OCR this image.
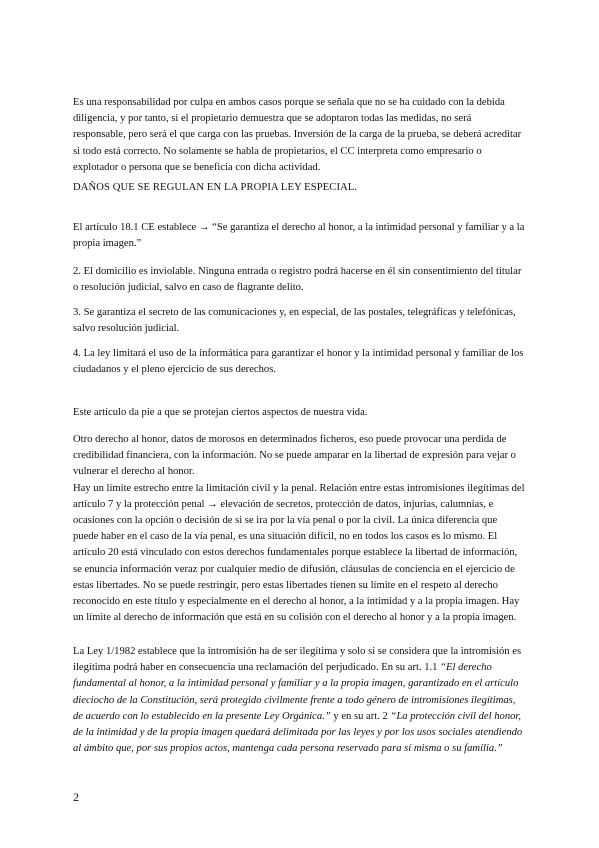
Es una responsabilidad por culpa en ambos casos porque se señala que no se ha cuidado con la debida diligencia, y por tanto, si el propietario demuestra que se adoptaron todas las medidas, no será responsable, pero será el que carga con las pruebas. Inversión de la carga de la prueba, se deberá acreditar si todo está correcto. No solamente se habla de propietarios, el CC interpreta como empresario o explotador o persona que se beneficia con dicha actividad.

DAÑOS QUE SE REGULAN EN LA PROPIA LEY ESPECIAL.

El artículo 18.1 CE establece → “Se garantiza el derecho al honor, a la intimidad personal y familiar y a la propia imagen.”

2. El domicilio es inviolable. Ninguna entrada o registro podrá hacerse en él sin consentimiento del titular o resolución judicial, salvo en caso de flagrante delito.

3. Se garantiza el secreto de las comunicaciones y, en especial, de las postales, telegráficas y telefónicas, salvo resolución judicial.

4. La ley limitará el uso de la informática para garantizar el honor y la intimidad personal y familiar de los ciudadanos y el pleno ejercicio de sus derechos.

Este artículo da pie a que se protejan ciertos aspectos de nuestra vida.

Otro derecho al honor, datos de morosos en determinados ficheros, eso puede provocar una perdida de credibilidad financiera, con la información. No se puede amparar en la libertad de expresión para vejar o vulnerar el derecho al honor.

Hay un límite estrecho entre la limitación civil y la penal. Relación entre estas intromisiones ilegítimas del artículo 7 y la protección penal → elevación de secretos, protección de datos, injurias, calumnias, e ocasiones con la opción o decisión de si se ira por la vía penal o por la civil. La única diferencia que puede haber en el caso de la vía penal, es una situación difícil, no en todos los casos es lo mismo. El artículo 20 está vinculado con estos derechos fundamentales porque establece la libertad de información, se enuncia información veraz por cualquier medio de difusión, cláusulas de conciencia en el ejercicio de estas libertades. No se puede restringir, pero estas libertades tienen su límite en el respeto al derecho reconocido en este título y especialmente en el derecho al honor, a la intimidad y a la propia imagen. Hay un límite al derecho de información que está en su colisión con el derecho al honor y a la propia imagen.

La Ley 1/1982 establece que la intromisión ha de ser ilegítima y solo si se considera que la intromisión es ilegítima podrá haber en consecuencia una reclamación del perjudicado. En su art. 1.1 “El derecho fundamental al honor, a la intimidad personal y familiar y a la propia imagen, garantizado en el artículo dieciocho de la Constitución, será protegido civilmente frente a todo género de intromisiones ilegítimas, de acuerdo con lo establecido en la presente Ley Orgánica.” y en su art. 2 “La protección civil del honor, de la intimidad y de la propia imagen quedará delimitada por las leyes y por los usos sociales atendiendo al ámbito que, por sus propios actos, mantenga cada persona reservado para sí misma o su familia.”

2
